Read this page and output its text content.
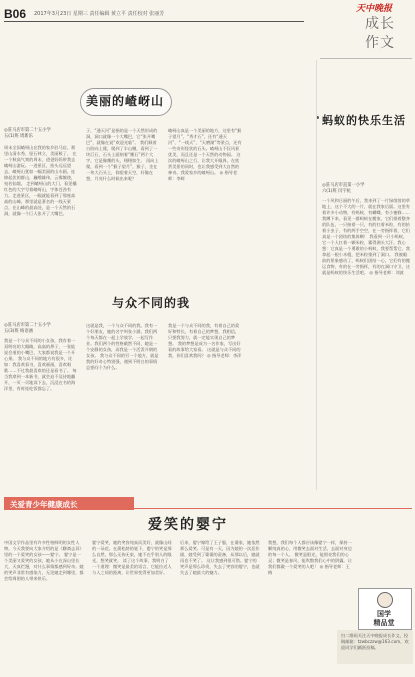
B06 2017年3月23日 星期三 责任编辑 黄立平 责任校对 张丽芳	天中晚报
成长作文
美丽的嵖岈山
◎驻马店市第二十五小学
五(1)班 周新乐
周末全国嵖岈山在我的家乡驻马店，那里山清水秀，怪石林立，美丽极了。 在一个秋高气爽的周末，爸爸妈妈带我去嵖岈山游玩。一进景区，抬头远远望去，嵖岈山犹如一幅美丽的山水画，连绵起伏的群山，巍峨雄伟，云雾缭绕，宛若仙境。 走到嵖岈山的大门，看见橘红色的大字写着嵖岈山，字体苍劲有力。走进景区，一眼就能看到了那座高高的山峰，那里就是著名的一线天景点，在山峰的最高处，是一个天然的石洞，就像一个巨人张开了大嘴巴。
子，“通天河”是指的是一个天然形成的洞，洞口就像一个大嘴巴，它“张开嘴巴”，就像在说“欢迎光临”。 我们顺着台阶向上爬，爬到了半山腰，看到了一块巨石，石头上面刻着“鹰石”两个大字，它是像鹰的头，栩栩如生。 再向上爬，看到一个“猴子望月”，猴子，坐在一块大石头上，仰望着天空，好像在想，月亮什么时候出来呢？
嵖岈山真是一个美丽的地方，这里有“猴子望月”，“秀才石”，还有“通天河”、“一线天”，“天磨湖”等景点，还有一些奇形怪状的石头。嵖岈山不仅风景优美，而且还是一个天然的动物园。 这次的嵖岈山之行，让我大开眼界，在欣赏美景的同时，也让我感受到大自然的神奇。我爱家乡的嵖岈山。 ◎ 指导老师：李辉
蚂蚁的快乐生活
◎驻马店市直第一小学
六(1)班 闫宇杭
一个风和日丽的午后，我来到了一片绿茵茵的草地上，这个不大的一片，就在我家后面。这里有着许多小动物，有蚂蚁、有蝴蝶、有小蜜蜂…… 我蹲下来，看见一群蚂蚁在搬家，它们排着整齐的队伍，一只接着一只，有的扛着米粒，有的抬着小虫子，有的两手空空，在一旁指挥着，它们真是一个团结的集体啊！ 我看到一只小蚂蚁，它一个人扛着一颗米粒，累得满头大汗，我心想：它真是一个勇敢的小蚂蚁，我要帮帮它。我拿起一根小木棍，把米粒推到了洞口。 我被眼前的景象感动了，蚂蚁们团结一心，它们有的搬运食物，有的在一旁指挥，有的在洞口守卫，这就是蚂蚁的快乐生活吧。 ◎ 指导老师：刘波
与众不同的我
◎驻马店市第二十五小学
五(3)班 杨语涵
我是一个与众不同的小女孩，我有着一双明亮的大眼睛，高高的鼻子，一张能说会道的小嘴巴，大家都说我是一个开心果。 我与众不同的地方有很多，比如：我喜欢看书，喜欢画画，喜欢唱歌……不过我最喜欢的还是看书了。 每当我拿到一本新书，就会迫不及待地翻开，一页一页地读下去，沉浸在书的海洋里，有时连吃饭都忘了。
这就是我，一个与众不同的我。我有一个好朋友，她的名字叫张小涵，我们两个每天都在一起上学放学，一起写作业。我们两个的性格截然不同，她是一个安静的女孩，而我是一个活泼开朗的女孩。 我与众不同的另一个地方，就是我的好奇心特别强，遇到不明白的事情总要问个为什么。
我是一个与众不同的我，有着自己的爱好和特长，有着自己的梦想，我相信，只要我努力，就一定能实现自己的梦想。 我的梦想是成为一名作家，写出好看的故事给大家看。 这就是与众不同的我，你们喜欢我吗？ ◎ 指导老师：李萍
关爱青少年健康成长
爱笑的婴宁
中国文学作品里有许多性格鲜明的女性人物，今天我要向大家介绍的是《聊斋志异》里的一个爱笑的女孩——婴宁。 婴宁是一个美丽又爱笑的女孩，她从小在深山里长大，天真烂漫，对什么事情都感到好奇。她的笑声非常有感染力，无论她走到哪里，都会给周围的人带来快乐。
婴宁爱笑，她的笑容纯真而美好，就像山间的一朵花。在蒲松龄的笔下，婴宁的笑是那么自然，那么无拘无束，她不在乎别人的眼光，想笑就笑。 读了这个故事，我明白了一个道理：微笑是最美的语言，它能拉近人与人之间的距离，让世界变得更加美好。
后来，婴宁嫁给了王子服，在婆家，她依然那么爱笑。可是有一天，因为她的一次恶作剧，她受到了婆婆的责备，从那以后，她就再也不笑了。 这让我感到很可惜。婴宁的笑声是那么珍贵，失去了笑容的婴宁，也就失去了她最大的魅力。
我想，我们每个人都应该像婴宁一样，保持一颗纯真的心，用微笑去面对生活，去面对身边的每一个人。 微笑是阳光，能照亮我们的心灵；微笑是春风，能吹散我们心中的阴霾。让我们都做一个爱笑的人吧！ ◎ 指导老师：王梅
国学
精品堂
扫二维码关注天中晚报成长作文，投稿邮箱：tzwbczzw@163.com，欢迎同学们踊跃投稿。
